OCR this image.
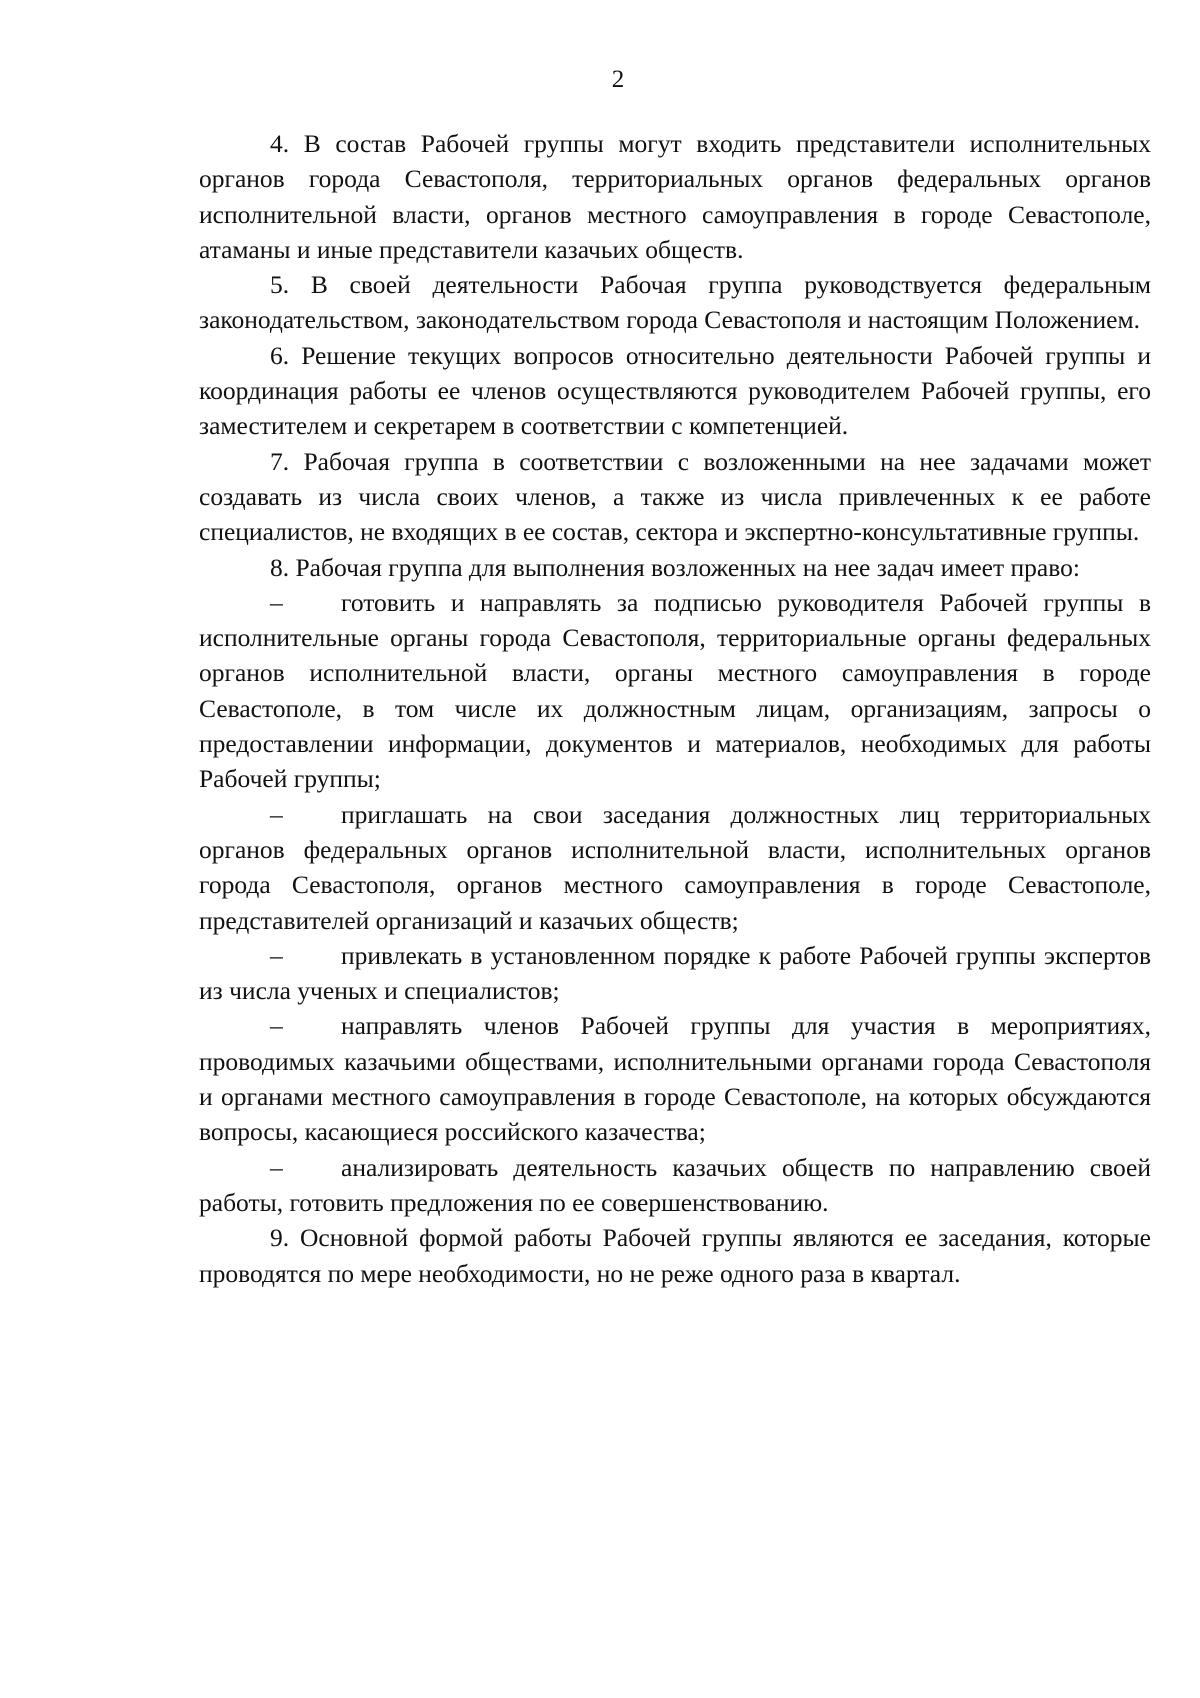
2

4. В состав Рабочей группы могут входить представители исполнительных органов города Севастополя, территориальных органов федеральных органов исполнительной власти, органов местного самоуправления в городе Севастополе, атаманы и иные представители казачьих обществ.

5. В своей деятельности Рабочая группа руководствуется федеральным законодательством, законодательством города Севастополя и настоящим Положением.

6. Решение текущих вопросов относительно деятельности Рабочей группы и координация работы ее членов осуществляются руководителем Рабочей группы, его заместителем и секретарем в соответствии с компетенцией.

7. Рабочая группа в соответствии с возложенными на нее задачами может создавать из числа своих членов, а также из числа привлеченных к ее работе специалистов, не входящих в ее состав, сектора и экспертно-консультативные группы.

8. Рабочая группа для выполнения возложенных на нее задач имеет право:

– готовить и направлять за подписью руководителя Рабочей группы в исполнительные органы города Севастополя, территориальные органы федеральных органов исполнительной власти, органы местного самоуправления в городе Севастополе, в том числе их должностным лицам, организациям, запросы о предоставлении информации, документов и материалов, необходимых для работы Рабочей группы;

– приглашать на свои заседания должностных лиц территориальных органов федеральных органов исполнительной власти, исполнительных органов города Севастополя, органов местного самоуправления в городе Севастополе, представителей организаций и казачьих обществ;

– привлекать в установленном порядке к работе Рабочей группы экспертов из числа ученых и специалистов;

– направлять членов Рабочей группы для участия в мероприятиях, проводимых казачьими обществами, исполнительными органами города Севастополя и органами местного самоуправления в городе Севастополе, на которых обсуждаются вопросы, касающиеся российского казачества;

– анализировать деятельность казачьих обществ по направлению своей работы, готовить предложения по ее совершенствованию.

9. Основной формой работы Рабочей группы являются ее заседания, которые проводятся по мере необходимости, но не реже одного раза в квартал.
